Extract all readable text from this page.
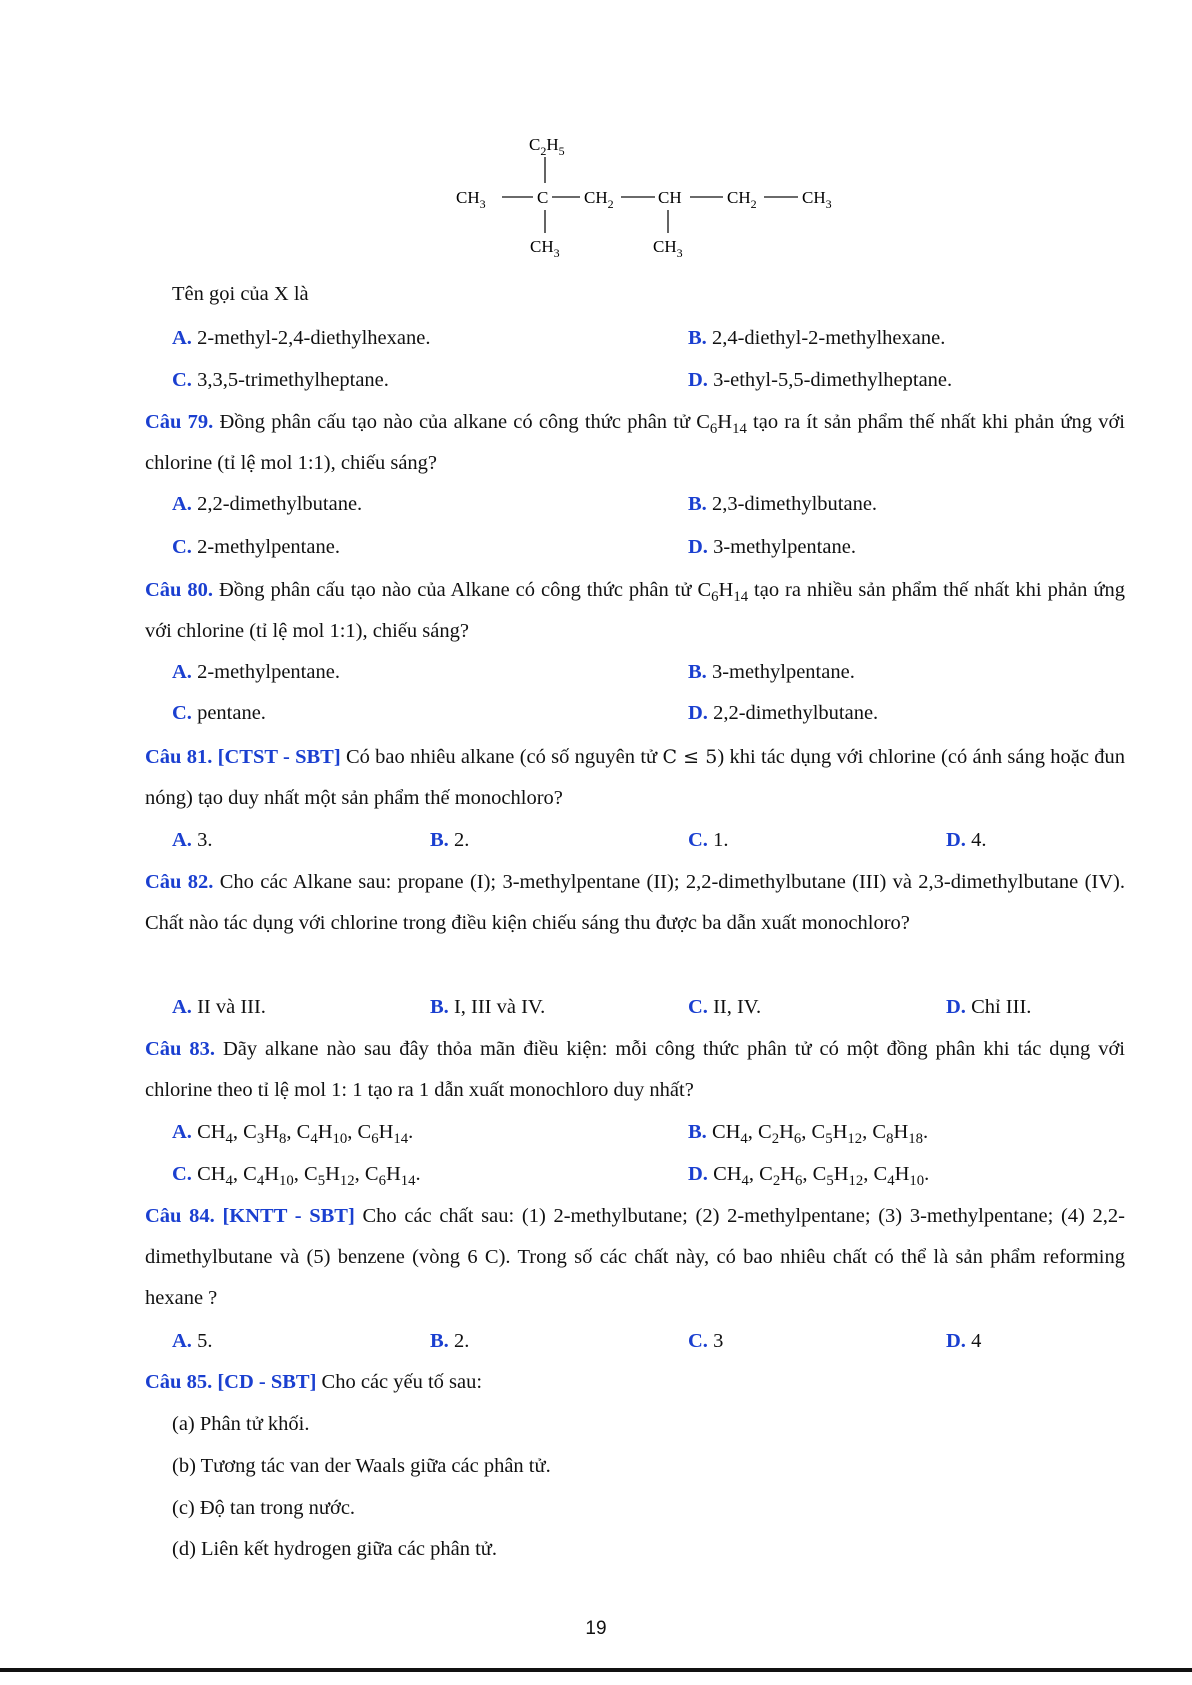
$C_2H_5$
$CH_3$	C $CH_2$	CH	$CH_2$	$CH_3$
$CH_3$	$CH_3$
Tên gọi của X là
A. 2-methyl-2,4-diethylhexane.	B. 2,4-diethyl-2-methylhexane.
C. 3,3,5-trimethylheptane.	D. 3-ethyl-5,5-dimethylheptane.
Câu 79. Đồng phân cấu tạo nào của alkane có công thức phân tử $C_6H_{14}$ tạo ra ít sản phẩm thế nhất khi phản ứng với chlorine (tỉ lệ mol 1:1), chiếu sáng?
A. 2,2-dimethylbutane.	B. 2,3-dimethylbutane.
C. 2-methylpentane.	D. 3-methylpentane.
Câu 80. Đồng phân cấu tạo nào của Alkane có công thức phân tử $C_6H_{14}$ tạo ra nhiều sản phẩm thế nhất khi phản ứng với chlorine (tỉ lệ mol 1:1), chiếu sáng?
A. 2-methylpentane.	B. 3-methylpentane.
C. pentane.	D. 2,2-dimethylbutane.
Câu 81. [CTST - SBT] Có bao nhiêu alkane (có số nguyên tử C ≤ 5) khi tác dụng với chlorine (có ánh sáng hoặc đun nóng) tạo duy nhất một sản phẩm thế monochloro?
A. 3.	B. 2.	C. 1.	D. 4.
Câu 82. Cho các Alkane sau: propane (I); 3-methylpentane (II); 2,2-dimethylbutane (III) và 2,3-dimethylbutane (IV). Chất nào tác dụng với chlorine trong điều kiện chiếu sáng thu được ba dẫn xuất monochloro?
A. II và III.	B. I, III và IV.	C. II, IV.	D. Chỉ III.
Câu 83. Dãy alkane nào sau đây thỏa mãn điều kiện: mỗi công thức phân tử có một đồng phân khi tác dụng với chlorine theo tỉ lệ mol 1: 1 tạo ra 1 dẫn xuất monochloro duy nhất?
A. $CH_4$, $C_3H_8$, $C_4H_{10}$, $C_6H_{14}$.	B. $CH_4$, $C_2H_6$, $C_5H_{12}$, $C_8H_{18}$.
C. $CH_4$, $C_4H_{10}$, $C_5H_{12}$, $C_6H_{14}$.	D. $CH_4$, $C_2H_6$, $C_5H_{12}$, $C_4H_{10}$.
Câu 84. [KNTT - SBT] Cho các chất sau: (1) 2-methylbutane; (2) 2-methylpentane; (3) 3-methylpentane; (4) 2,2-dimethylbutane và (5) benzene (vòng 6 C). Trong số các chất này, có bao nhiêu chất có thể là sản phẩm reforming hexane ?
A. 5.	B. 2.	C. 3	D. 4
Câu 85. [CD - SBT] Cho các yếu tố sau:
(a) Phân tử khối.
(b) Tương tác van der Waals giữa các phân tử.
(c) Độ tan trong nước.
(d) Liên kết hydrogen giữa các phân tử.
19
